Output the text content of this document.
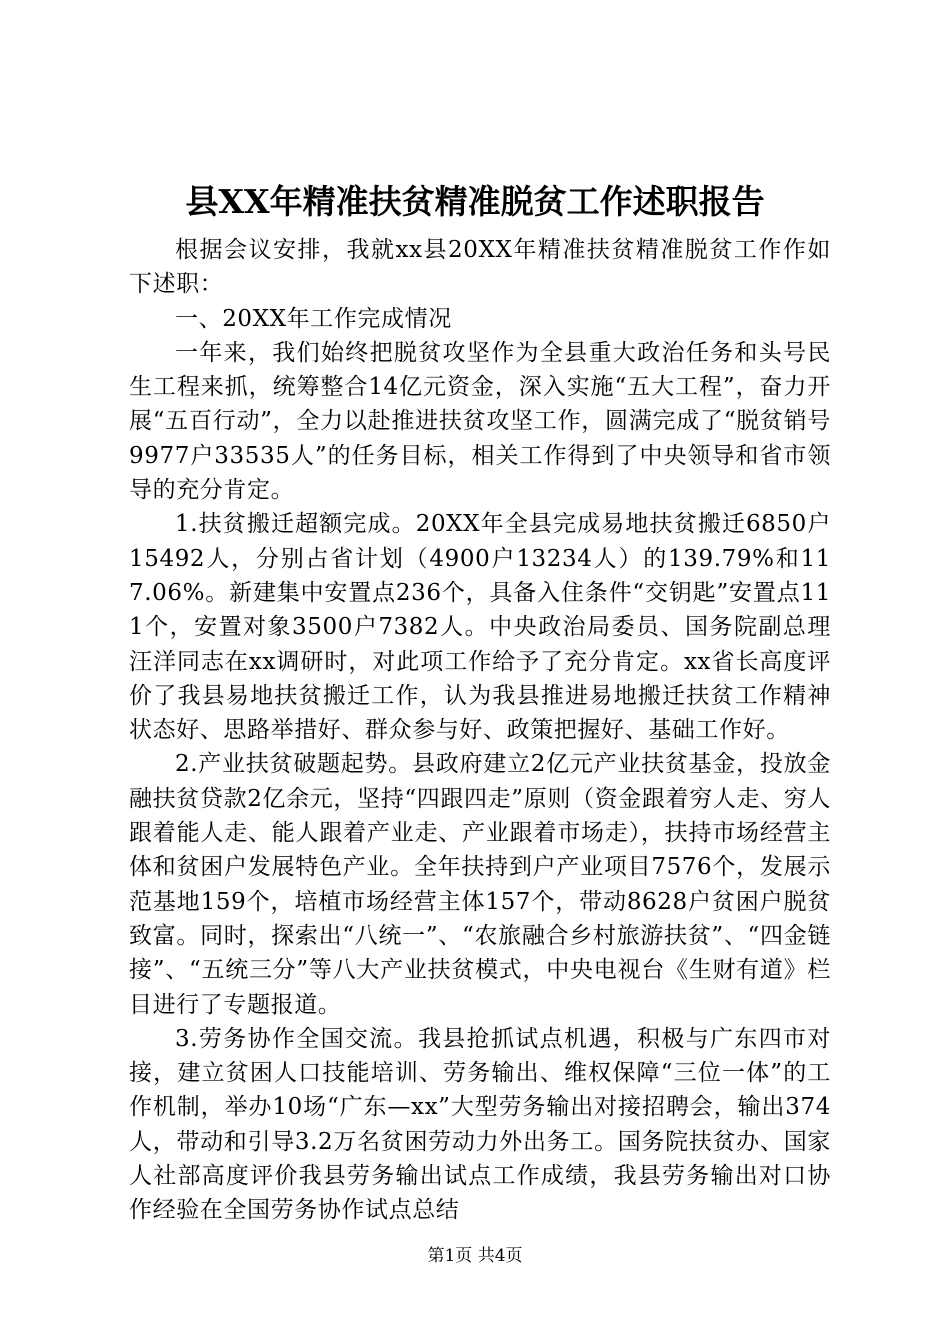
县XX年精准扶贫精准脱贫工作述职报告

根据会议安排，我就xx县20XX年精准扶贫精准脱贫工作作如下述职：

一、20XX年工作完成情况

一年来，我们始终把脱贫攻坚作为全县重大政治任务和头号民生工程来抓，统筹整合14亿元资金，深入实施“五大工程”，奋力开展“五百行动”，全力以赴推进扶贫攻坚工作，圆满完成了“脱贫销号9977户33535人”的任务目标，相关工作得到了中央领导和省市领导的充分肯定。

1.扶贫搬迁超额完成。20XX年全县完成易地扶贫搬迁6850户15492人，分别占省计划（4900户13234人）的139.79%和117.06%。新建集中安置点236个，具备入住条件“交钥匙”安置点111个，安置对象3500户7382人。中央政治局委员、国务院副总理汪洋同志在xx调研时，对此项工作给予了充分肯定。xx省长高度评价了我县易地扶贫搬迁工作，认为我县推进易地搬迁扶贫工作精神状态好、思路举措好、群众参与好、政策把握好、基础工作好。

2.产业扶贫破题起势。县政府建立2亿元产业扶贫基金，投放金融扶贫贷款2亿余元，坚持“四跟四走”原则（资金跟着穷人走、穷人跟着能人走、能人跟着产业走、产业跟着市场走），扶持市场经营主体和贫困户发展特色产业。全年扶持到户产业项目7576个，发展示范基地159个，培植市场经营主体157个，带动8628户贫困户脱贫致富。同时，探索出“八统一”、“农旅融合乡村旅游扶贫”、“四金链接”、“五统三分”等八大产业扶贫模式，中央电视台《生财有道》栏目进行了专题报道。

3.劳务协作全国交流。我县抢抓试点机遇，积极与广东四市对接，建立贫困人口技能培训、劳务输出、维权保障“三位一体”的工作机制，举办10场“广东—xx”大型劳务输出对接招聘会，输出374人，带动和引导3.2万名贫困劳动力外出务工。国务院扶贫办、国家人社部高度评价我县劳务输出试点工作成绩，我县劳务输出对口协作经验在全国劳务协作试点总结

第1页 共4页
